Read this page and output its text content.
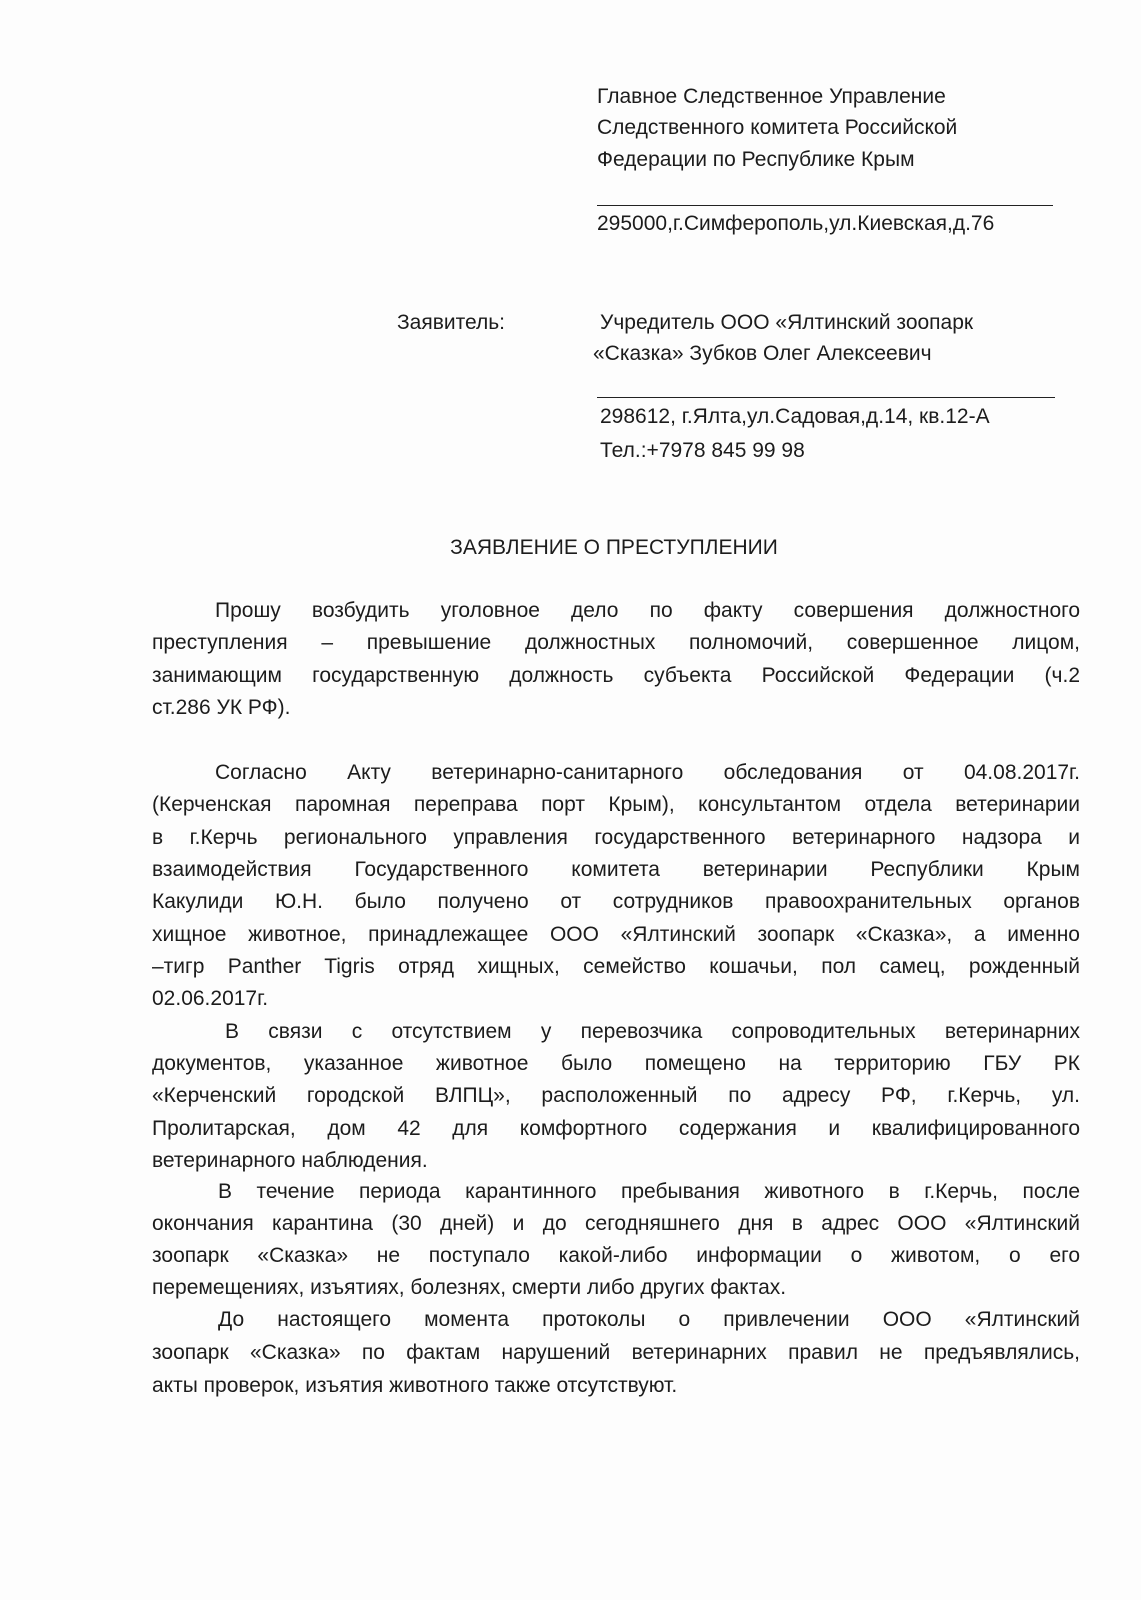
Главное Следственное Управление
Следственного комитета Российской
Федерации по Республике Крым
295000,г.Симферополь,ул.Киевская,д.76
Заявитель:	Учредитель ООО «Ялтинский зоопарк
«Сказка» Зубков Олег Алексеевич
298612, г.Ялта,ул.Садовая,д.14, кв.12-А
Тел.:+7978 845 99 98
ЗАЯВЛЕНИЕ О ПРЕСТУПЛЕНИИ
Прошу возбудить уголовное дело по факту совершения должностного
преступления – превышение должностных полномочий, совершенное лицом,
занимающим государственную должность субъекта Российской Федерации (ч.2
ст.286 УК РФ).
Согласно Акту ветеринарно-санитарного обследования от 04.08.2017г.
(Керченская паромная переправа порт Крым), консультантом отдела ветеринарии
в г.Керчь регионального управления государственного ветеринарного надзора и
взаимодействия Государственного комитета ветеринарии Республики Крым
Какулиди Ю.Н. было получено от сотрудников правоохранительных органов
хищное животное, принадлежащее ООО «Ялтинский зоопарк «Сказка», а именно
–тигр Panther Tigris отряд хищных, семейство кошачьи, пол самец, рожденный
02.06.2017г.
В связи с отсутствием у перевозчика сопроводительных ветеринарних
документов, указанное животное было помещено на территорию ГБУ РК
«Керченский городской ВЛПЦ», расположенный по адресу РФ, г.Керчь, ул.
Пролитарская, дом 42 для комфортного содержания и квалифицированного
ветеринарного наблюдения.
В течение периода карантинного пребывания животного в г.Керчь, после
окончания карантина (30 дней) и до сегодняшнего дня в адрес ООО «Ялтинский
зоопарк «Сказка» не поступало какой-либо информации о животом, о его
перемещениях, изъятиях, болезнях, смерти либо других фактах.
До настоящего момента протоколы о привлечении ООО «Ялтинский
зоопарк «Сказка» по фактам нарушений ветеринарних правил не предъявлялись,
акты проверок, изъятия животного также отсутствуют.
